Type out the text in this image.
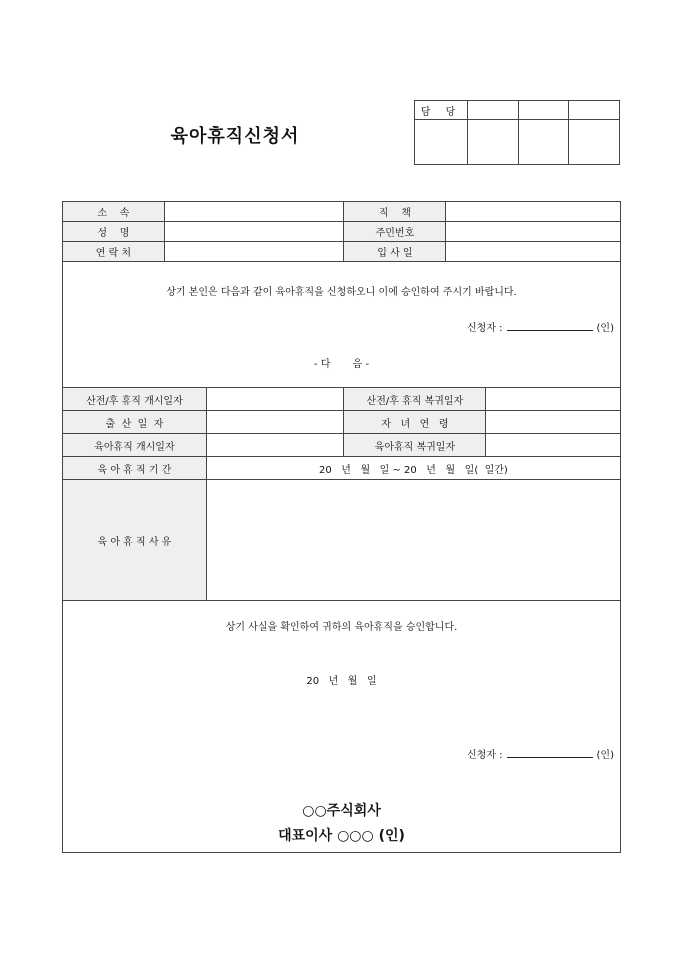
육아휴직신청서
담 당			

소    속		직    책	
성    명		주민번호	
연 락 처		입 사 일	
상기 본인은 다음과 같이 육아휴직을 신청하오니 이에 승인하여 주시기 바랍니다.
신청자 :	(인)
- 다       음 -
산전/후 휴직 개시일자		산전/후 휴직 복귀일자	
출  산  일  자		자   녀   연   령	
육아휴직 개시일자		육아휴직 복귀일자	
육 아 휴 직 기 간	20   년   월   일 ~ 20   년   월   일(  일간)		
육 아 휴 직 사 유			
상기 사실을 확인하여 귀하의 육아휴직을 승인합니다.
20   년   월   일
신청자 :	(인)
○○주식회사
대표이사 ○○○ (인)
